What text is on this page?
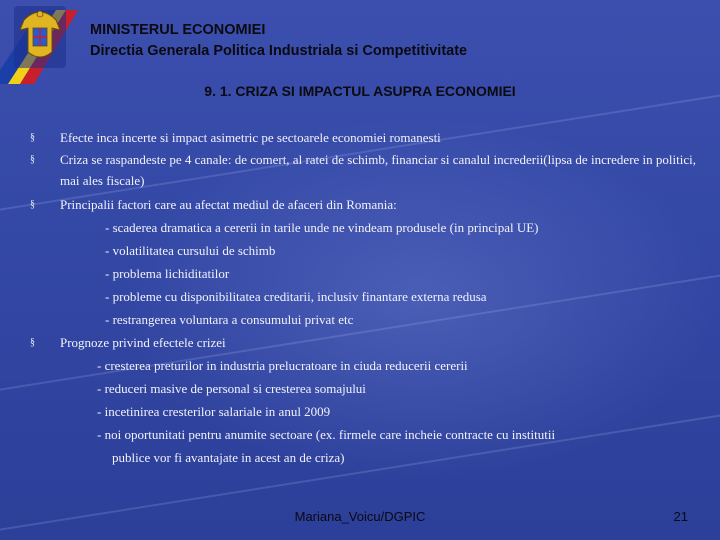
MINISTERUL ECONOMIEI
Directia Generala Politica Industriala si Competitivitate
9. 1. CRIZA SI IMPACTUL ASUPRA ECONOMIEI
§ Efecte inca incerte si impact asimetric pe sectoarele economiei romanesti
§ Criza se raspandeste pe 4 canale: de comert, al ratei de schimb, financiar si canalul increderii(lipsa de incredere in politici, mai ales fiscale)
§ Principalii factori care au afectat mediul de afaceri din Romania:
- scaderea dramatica a cererii in tarile unde ne vindeam produsele (in principal UE)
- volatilitatea cursului de schimb
- problema lichiditatilor
- probleme cu disponibilitatea creditarii, inclusiv finantare externa redusa
- restrangerea voluntara a consumului privat etc
§ Prognoze privind efectele crizei
- cresterea preturilor in industria prelucratoare in ciuda reducerii cererii
- reduceri masive de personal si cresterea somajului
- incetinirea cresterilor salariale in anul 2009
- noi oportunitati pentru anumite sectoare (ex. firmele care incheie contracte cu institutii
publice vor fi avantajate in acest an de criza)
Mariana_Voicu/DGPIC	21
